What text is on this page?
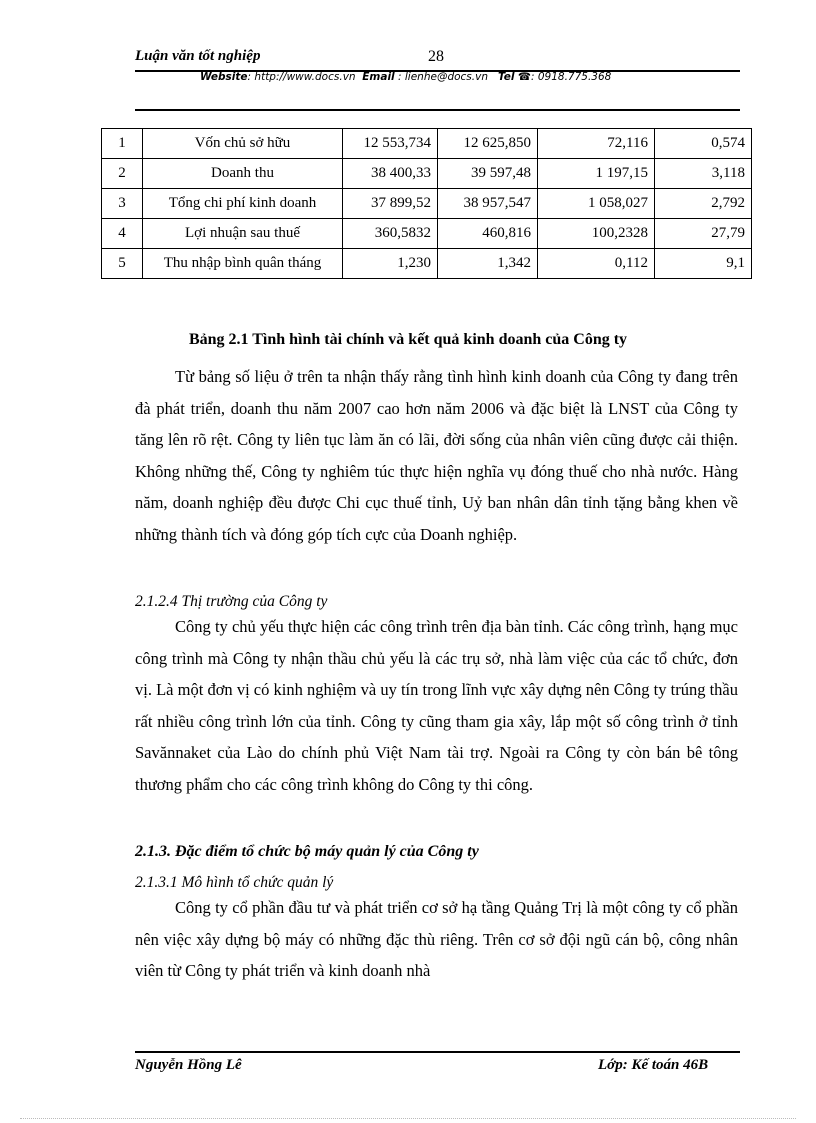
Luận văn tốt nghiệp	28
Website: http://www.docs.vn Email : lienhe@docs.vn Tel ☎: 0918.775.368
1	Vốn chủ sở hữu	12 553,734	12 625,850	72,116	0,574
2	Doanh thu	38 400,33	39 597,48	1 197,15	3,118
3	Tổng chi phí kinh doanh	37 899,52	38 957,547	1 058,027	2,792
4	Lợi nhuận sau thuế	360,5832	460,816	100,2328	27,79
5	Thu nhập bình quân tháng	1,230	1,342	0,112	9,1
Bảng 2.1 Tình hình tài chính và kết quả kinh doanh của Công ty
Từ bảng số liệu ở trên ta nhận thấy rằng tình hình kinh doanh của Công ty đang trên đà phát triển, doanh thu năm 2007 cao hơn năm 2006 và đặc biệt là LNST của Công ty tăng lên rõ rệt. Công ty liên tục làm ăn có lãi, đời sống của nhân viên cũng được cải thiện. Không những thế, Công ty nghiêm túc thực hiện nghĩa vụ đóng thuế cho nhà nước. Hàng năm, doanh nghiệp đều được Chi cục thuế tỉnh, Uỷ ban nhân dân tỉnh tặng bằng khen về những thành tích và đóng góp tích cực của Doanh nghiệp.
2.1.2.4 Thị trường của Công ty
Công ty chủ yếu thực hiện các công trình trên địa bàn tỉnh. Các công trình, hạng mục công trình mà Công ty nhận thầu chủ yếu là các trụ sở, nhà làm việc của các tổ chức, đơn vị. Là một đơn vị có kinh nghiệm và uy tín trong lĩnh vực xây dựng nên Công ty trúng thầu rất nhiều công trình lớn của tỉnh. Công ty cũng tham gia xây, lắp một số công trình ở tỉnh Savănnaket của Lào do chính phủ Việt Nam tài trợ. Ngoài ra Công ty còn bán bê tông thương phẩm cho các công trình không do Công ty thi công.
2.1.3. Đặc điểm tổ chức bộ máy quản lý của Công ty
2.1.3.1 Mô hình tổ chức quản lý
Công ty cổ phần đầu tư và phát triển cơ sở hạ tầng Quảng Trị là một công ty cổ phần nên việc xây dựng bộ máy có những đặc thù riêng. Trên cơ sở đội ngũ cán bộ, công nhân viên từ Công ty phát triển và kinh doanh nhà
Nguyễn Hồng Lê	Lớp: Kế toán 46B
